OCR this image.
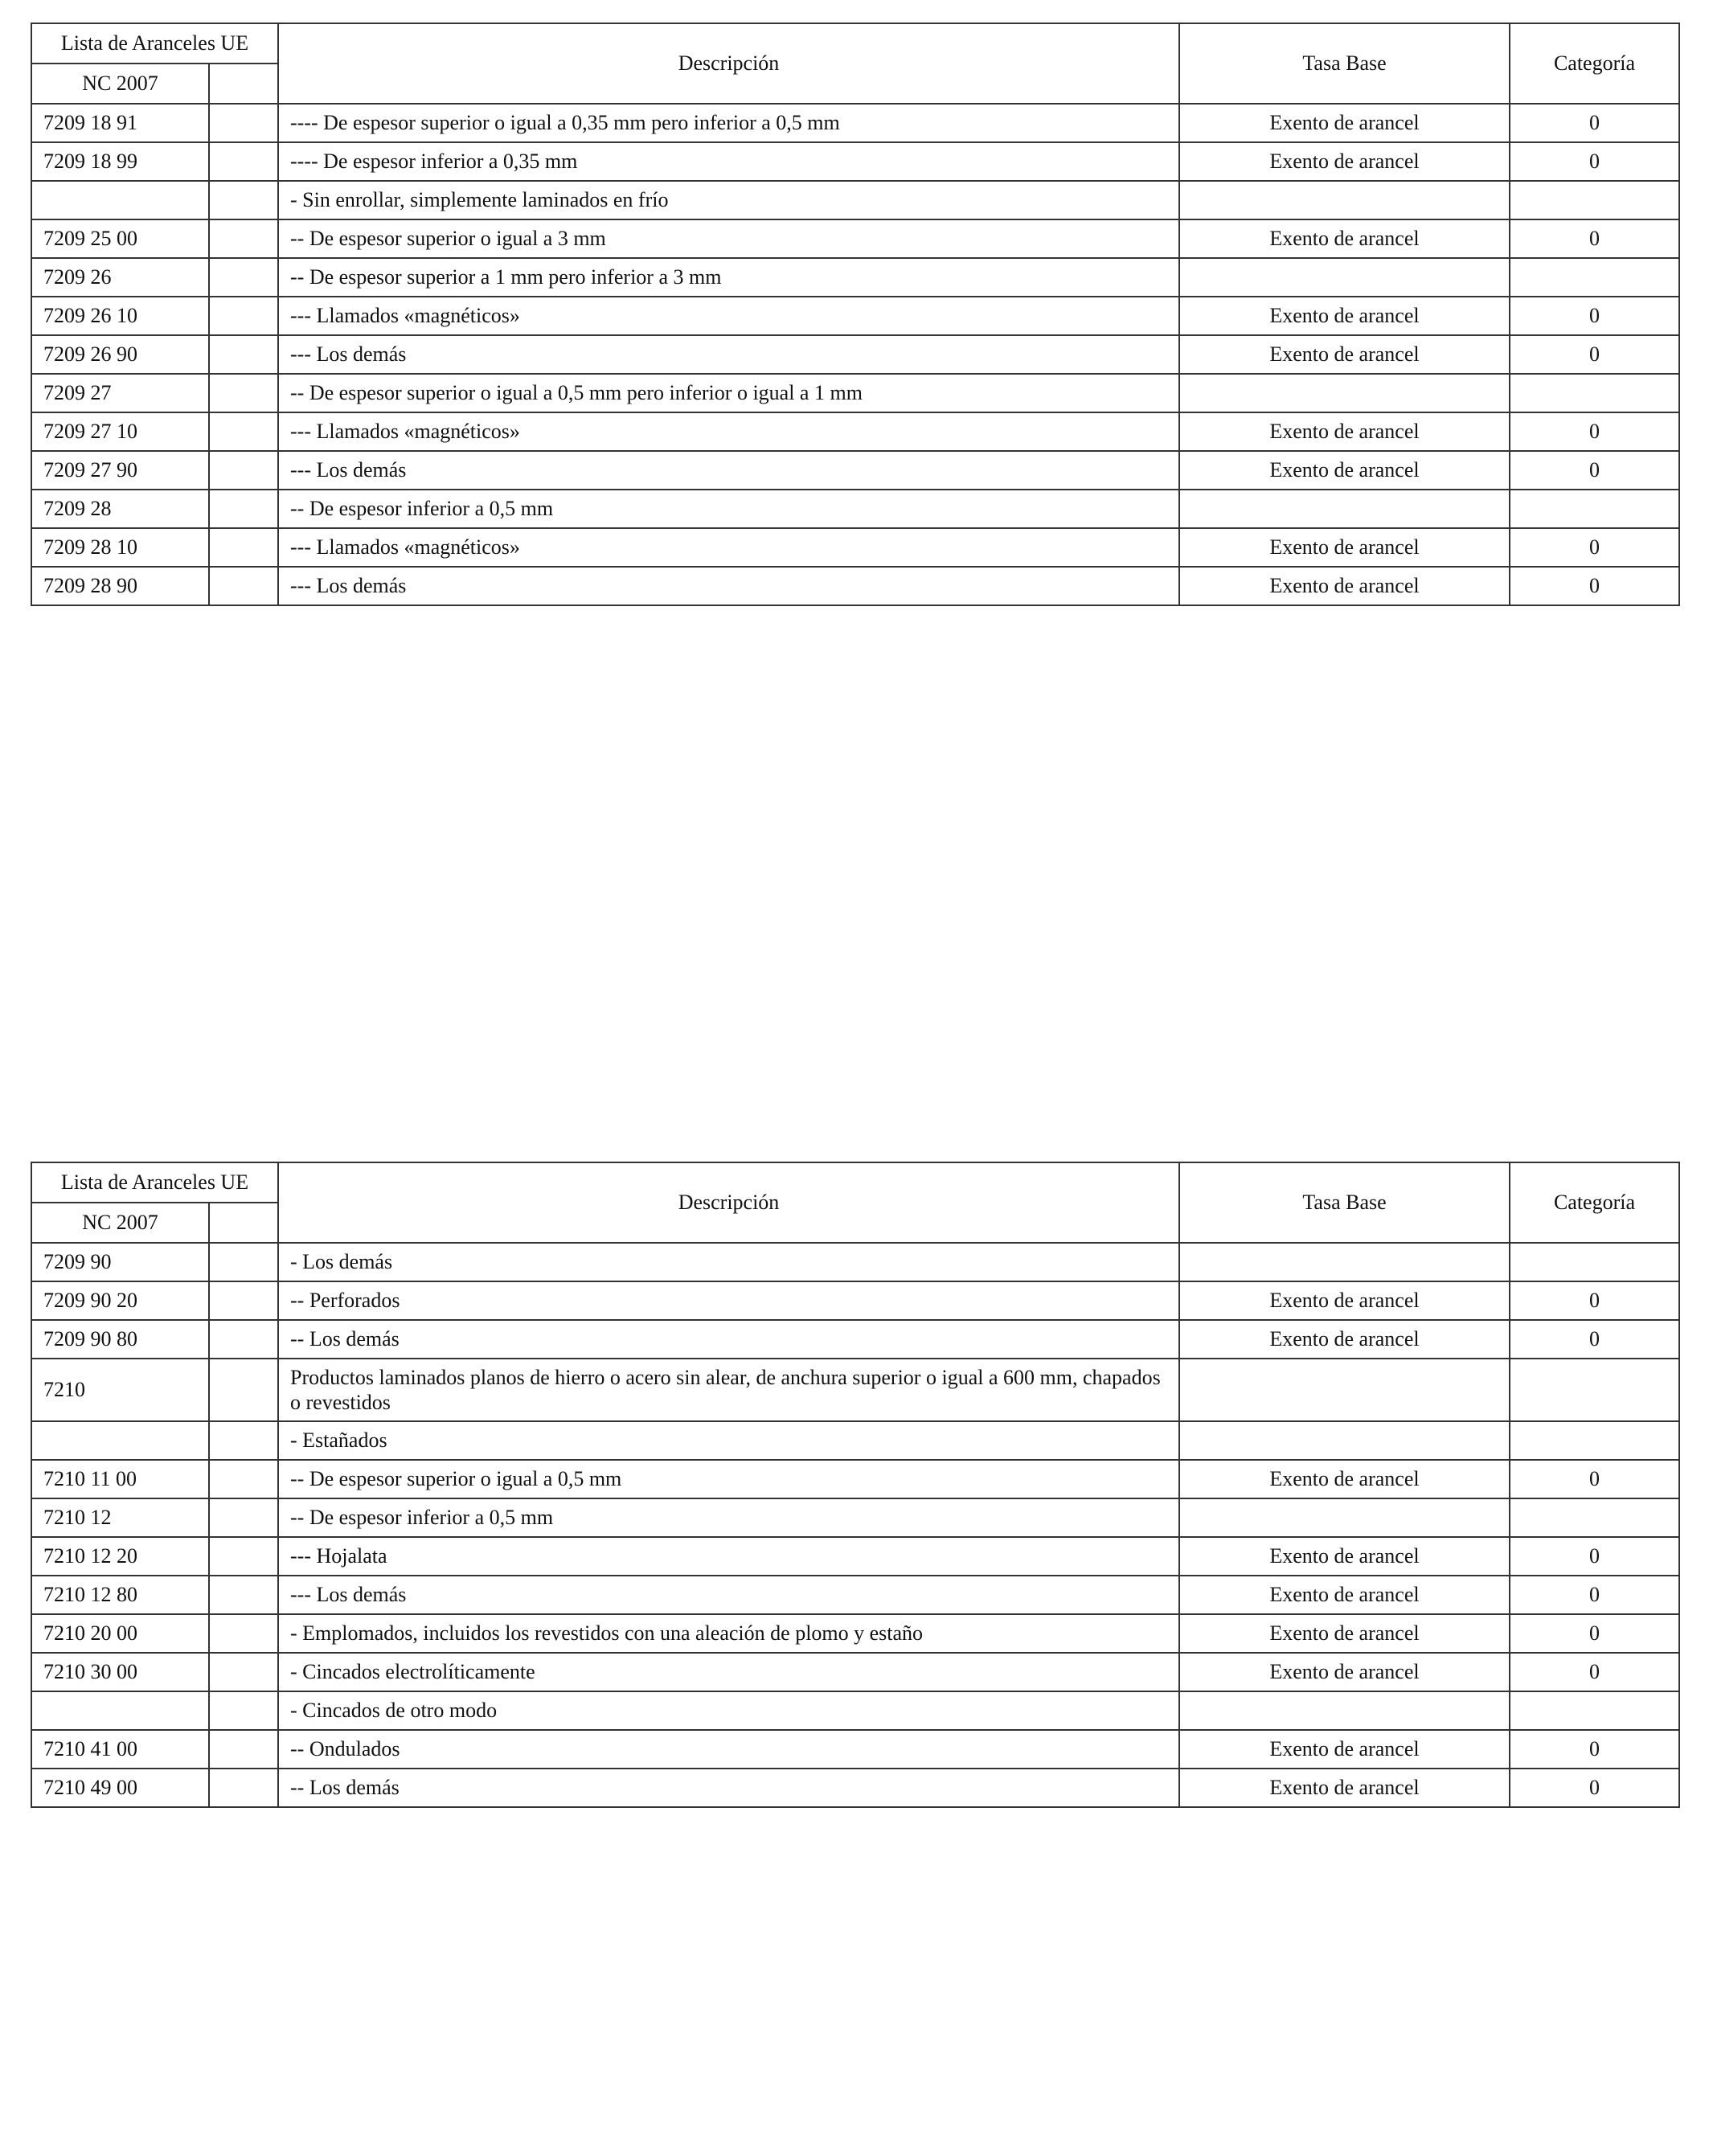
Lista de Aranceles UE		Descripción	Tasa Base	Categoría
NC 2007				
7209 18 91		---- De espesor superior o igual a 0,35 mm pero inferior a 0,5 mm	Exento de arancel	0
7209 18 99		---- De espesor inferior a 0,35 mm	Exento de arancel	0
		- Sin enrollar, simplemente laminados en frío		
7209 25 00		-- De espesor superior o igual a 3 mm	Exento de arancel	0
7209 26		-- De espesor superior a 1 mm pero inferior a 3 mm		
7209 26 10		--- Llamados «magnéticos»	Exento de arancel	0
7209 26 90		--- Los demás	Exento de arancel	0
7209 27		-- De espesor superior o igual a 0,5 mm pero inferior o igual a 1 mm		
7209 27 10		--- Llamados «magnéticos»	Exento de arancel	0
7209 27 90		--- Los demás	Exento de arancel	0
7209 28		-- De espesor inferior a 0,5 mm		
7209 28 10		--- Llamados «magnéticos»	Exento de arancel	0
7209 28 90		--- Los demás	Exento de arancel	0
Lista de Aranceles UE		Descripción	Tasa Base	Categoría
NC 2007				
7209 90		- Los demás		
7209 90 20		-- Perforados	Exento de arancel	0
7209 90 80		-- Los demás	Exento de arancel	0
7210		Productos laminados planos de hierro o acero sin alear, de anchura superior o igual a 600 mm, chapados o revestidos		
		- Estañados		
7210 11 00		-- De espesor superior o igual a 0,5 mm	Exento de arancel	0
7210 12		-- De espesor inferior a 0,5 mm		
7210 12 20		--- Hojalata	Exento de arancel	0
7210 12 80		--- Los demás	Exento de arancel	0
7210 20 00		- Emplomados, incluidos los revestidos con una aleación de plomo y estaño	Exento de arancel	0
7210 30 00		- Cincados electrolíticamente	Exento de arancel	0
		- Cincados de otro modo		
7210 41 00		-- Ondulados	Exento de arancel	0
7210 49 00		-- Los demás	Exento de arancel	0
